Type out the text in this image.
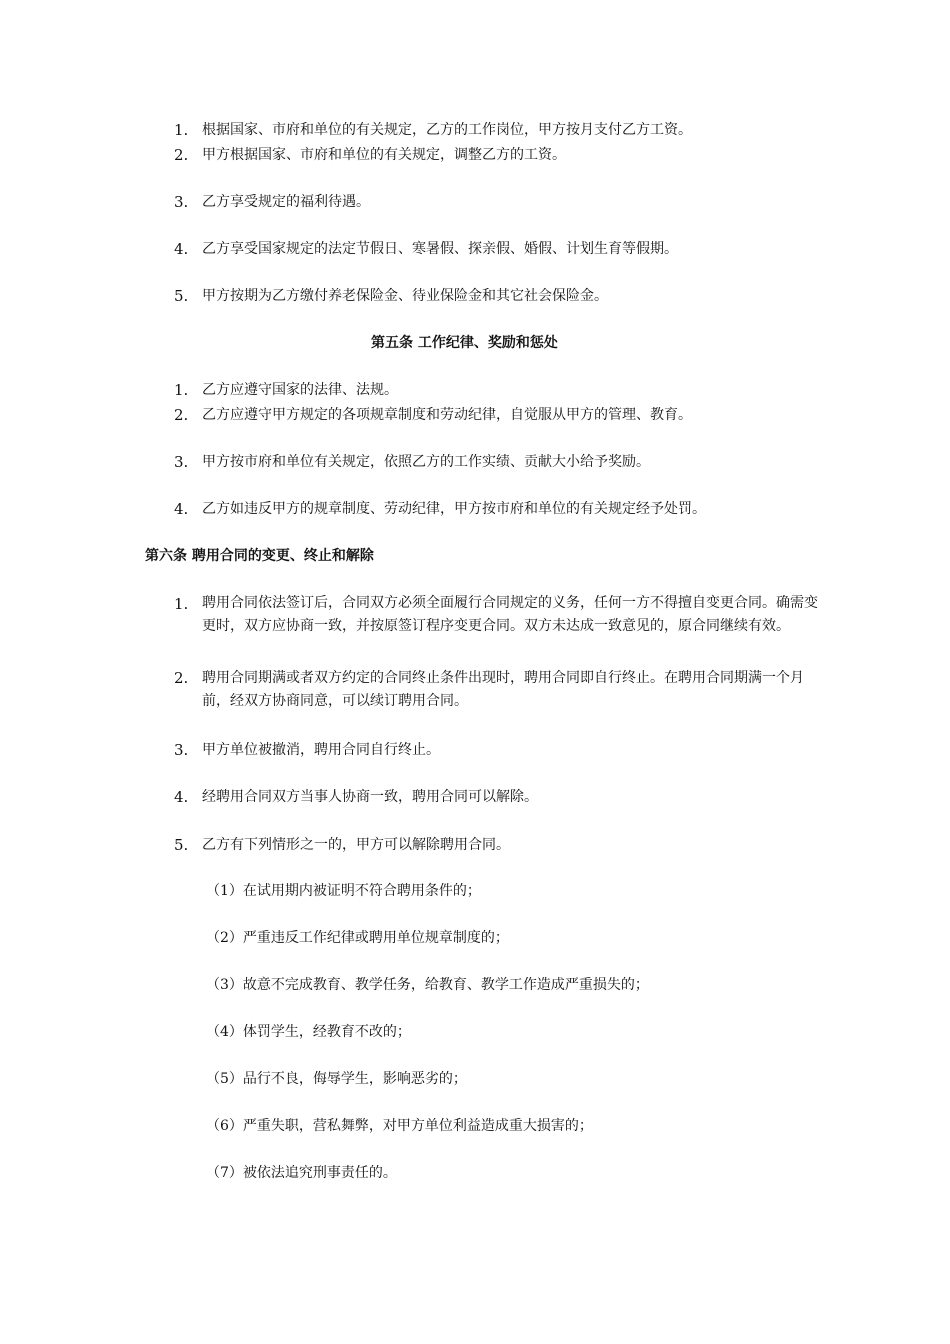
1. 根据国家、市府和单位的有关规定，乙方的工作岗位，甲方按月支付乙方工资。
2. 甲方根据国家、市府和单位的有关规定，调整乙方的工资。
3. 乙方享受规定的福利待遇。
4. 乙方享受国家规定的法定节假日、寒暑假、探亲假、婚假、计划生育等假期。
5. 甲方按期为乙方缴付养老保险金、待业保险金和其它社会保险金。
第五条 工作纪律、奖励和惩处
1. 乙方应遵守国家的法律、法规。
2. 乙方应遵守甲方规定的各项规章制度和劳动纪律，自觉服从甲方的管理、教育。
3. 甲方按市府和单位有关规定，依照乙方的工作实绩、贡献大小给予奖励。
4. 乙方如违反甲方的规章制度、劳动纪律，甲方按市府和单位的有关规定经予处罚。
第六条 聘用合同的变更、终止和解除
1. 聘用合同依法签订后，合同双方必须全面履行合同规定的义务，任何一方不得擅自变更合同。确需变更时，双方应协商一致，并按原签订程序变更合同。双方未达成一致意见的，原合同继续有效。
2. 聘用合同期满或者双方约定的合同终止条件出现时，聘用合同即自行终止。在聘用合同期满一个月前，经双方协商同意，可以续订聘用合同。
3. 甲方单位被撤消，聘用合同自行终止。
4. 经聘用合同双方当事人协商一致，聘用合同可以解除。
5. 乙方有下列情形之一的，甲方可以解除聘用合同。
（1）在试用期内被证明不符合聘用条件的；
（2）严重违反工作纪律或聘用单位规章制度的；
（3）故意不完成教育、教学任务，给教育、教学工作造成严重损失的；
（4）体罚学生，经教育不改的；
（5）品行不良，侮辱学生，影响恶劣的；
（6）严重失职，营私舞弊，对甲方单位利益造成重大损害的；
（7）被依法追究刑事责任的。
